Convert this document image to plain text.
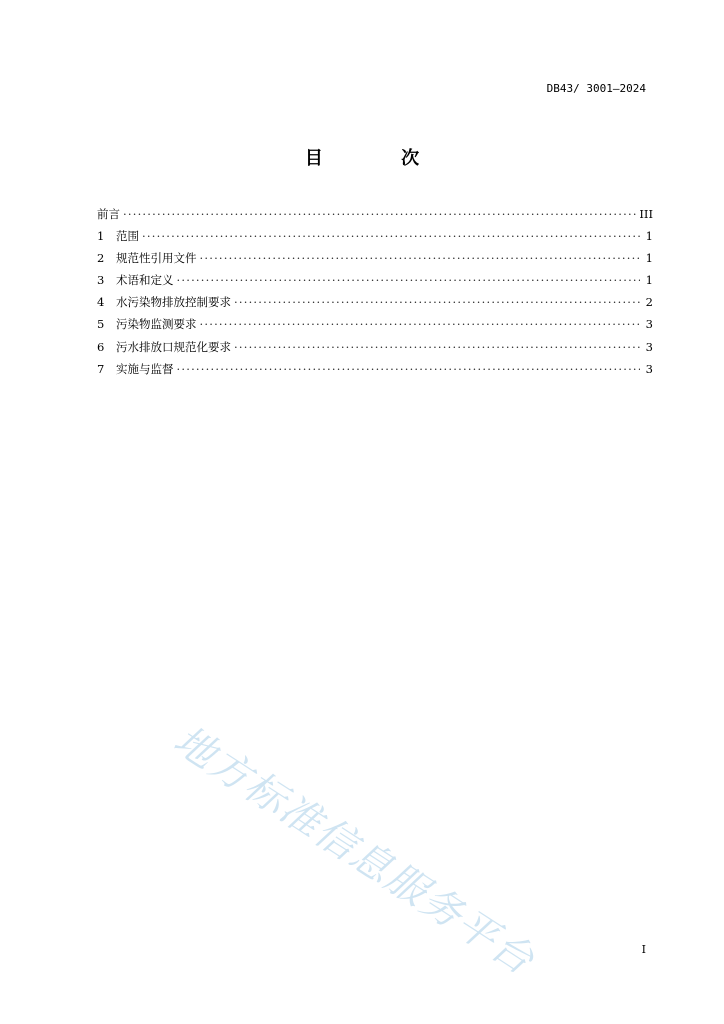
DB43/ 3001—2024
目 次
前言 ·····	III
1	范围 ·····	1
2	规范性引用文件 ·····	1
3	术语和定义 ·····	1
4	水污染物排放控制要求 ·····	2
5	污染物监测要求 ·····	3
6	污水排放口规范化要求 ·····	3
7	实施与监督 ·····	3
地方标准信息服务平台	I
